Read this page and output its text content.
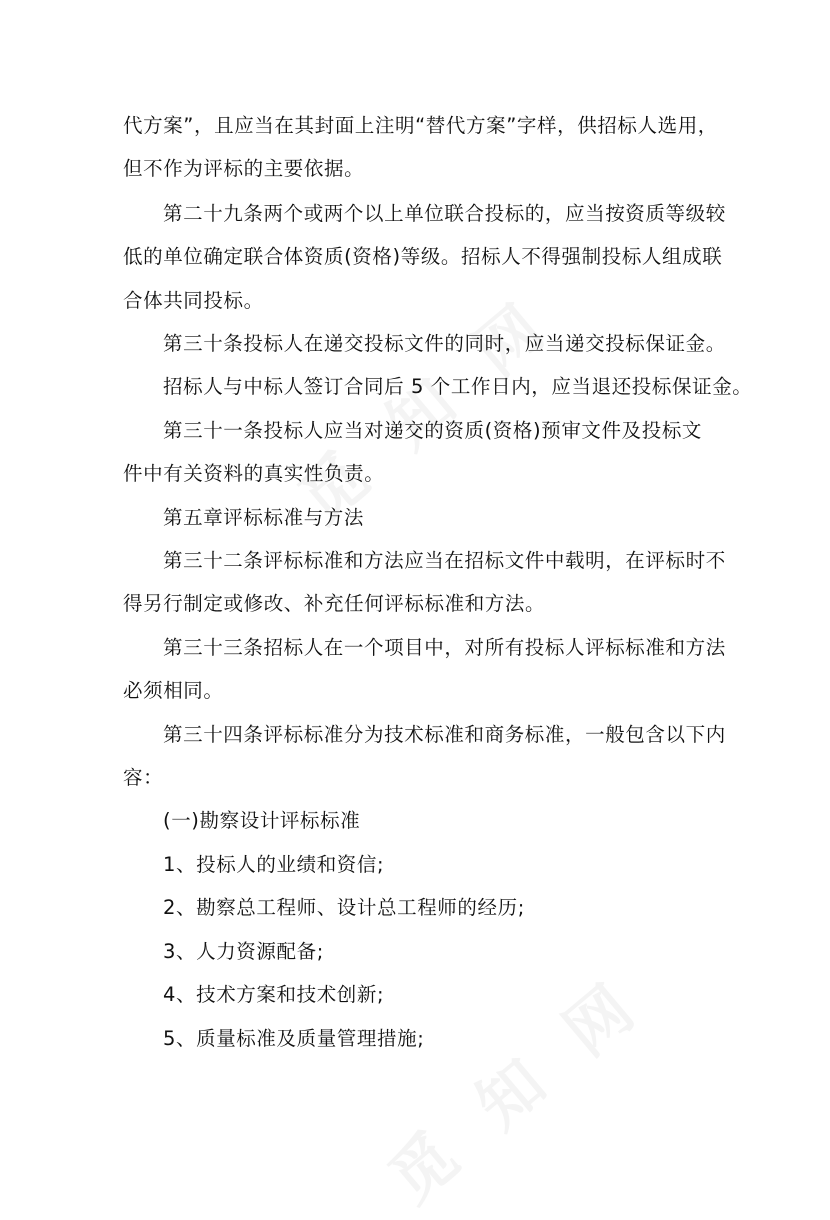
代方案”，且应当在其封面上注明“替代方案”字样，供招标人选用，
但不作为评标的主要依据。
第二十九条两个或两个以上单位联合投标的，应当按资质等级较
低的单位确定联合体资质(资格)等级。招标人不得强制投标人组成联
合体共同投标。
第三十条投标人在递交投标文件的同时，应当递交投标保证金。
招标人与中标人签订合同后 5 个工作日内，应当退还投标保证金。
第三十一条投标人应当对递交的资质(资格)预审文件及投标文
件中有关资料的真实性负责。
第五章评标标准与方法
第三十二条评标标准和方法应当在招标文件中载明，在评标时不
得另行制定或修改、补充任何评标标准和方法。
第三十三条招标人在一个项目中，对所有投标人评标标准和方法
必须相同。
第三十四条评标标准分为技术标准和商务标准，一般包含以下内
容：
(一)勘察设计评标标准
1、投标人的业绩和资信;
2、勘察总工程师、设计总工程师的经历;
3、人力资源配备;
4、技术方案和技术创新;
5、质量标准及质量管理措施;
